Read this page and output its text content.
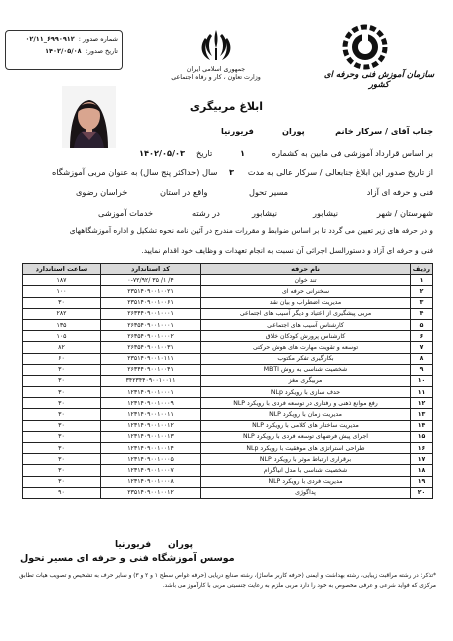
شماره صدور :
۰۲/۱۱_۶۹۹۰۹۱۲
تاریخ صدور:
۱۴۰۲/۰۵/۰۸
جمهوری اسلامی ایران
وزارت تعاون ، کار و رفاه اجتماعی	سازمان آموزش فنی وحرفه ای کشور
ابلاغ مربیگری
جناب آقای / سرکار خانم
پوران
فریورنیا
بر اساس قرارداد آموزشی فی مابین به کشماره
۱
تاریخ
۱۴۰۲/۰۵/۰۳
از تاریخ صدور این ابلاغ جنابعالی / سرکار عالی به مدت
۳
سال (حداکثر پنج سال) به عنوان مربی آموزشگاه
فنی و حرفه ای آزاد
مسیر تحول
واقع در استان
خراسان رضوی
شهرستان / شهر
نیشابور
نیشابور
در رشته
خدمات آموزشی
و در حرفه های زیر تعیین می گردد تا بر اساس ضوابط و مقررات مندرج در آئین نامه نحوه تشکیل و اداره آموزشگاههای
فنی و حرفه ای آزاد و دستورالسل اجرائی آن نسبت به انجام تعهدات و وظایف خود اقدام نمایید.
ردیف	نام حرفه	کد استاندارد	ساعت استاندارد
۱	تند خوان	۰-۷۲/۹۲/ ۳۵ /۱ /۴	۱۸۷
۲	سخنرانی حرفه ای	۲۳۵۱۴۰۹۰۰۱۰۰۲۱	۱۰۰
۳	مدیریت اضطراب و بیان نقد	۲۳۵۱۴۰۹۰۰۱۰۰۶۱	۳۰
۴	مربی پیشگیری از اعتیاد و دیگر آسیب های اجتماعی	۲۶۳۴۴۰۹۰۰۱۰۰۰۱	۲۸۲
۵	کارشناس آسیب های اجتماعی	۲۶۳۵۴۰۹۰۰۱۰۰۰۱	۱۳۵
۶	کارشناس پرورش کودکان خلاق	۲۶۳۵۴۰۹۰۰۱۰۰۰۲	۱۰۵
۷	توسعه و تقویت مهارت های هوش حرکتی	۲۶۳۵۴۰۹۰۰۱۰۰۳۱	۸۲
۸	بکارگیری تفکر مکتوب	۲۳۵۱۴۰۹۰۰۱۰۱۱۱	۶۰
۹	شخصیت شناسی به روش MBTI	۲۶۳۴۴۰۹۰۰۱۰۰۴۱	۳۰
۱۰	مربیگری مغز	۳۴۲۳۴۴۰۹۰۰۱۰۰۱۱	۳۰
۱۱	حدف سازی با رویکرد NLp	۱۲۳۱۴۰۹۰۰۱۰۰۰۱	۳۰
۱۲	رفع موانع ذهنی و رفتاری در توسعه فردی با رویکرد NLP	۱۲۳۱۴۰۹۰۰۱۰۰۰۹	۳۰
۱۳	مدیریت زمان با رویکرد NLP	۱۲۳۱۴۰۹۰۰۱۰۰۱۱	۳۰
۱۴	مدیریت ساختار های کلامی با رویکرد NLP	۱۲۳۱۴۰۹۰۰۱۰۰۱۲	۳۰
۱۵	اجرای پیش فرضهای توسعه فردی با رویکرد NLP	۱۲۳۱۴۰۹۰۰۱۰۰۱۳	۳۰
۱۶	طراحی استراتژی های موفقیت با رویکرد NLp	۱۲۳۱۴۰۹۰۰۱۰۰۱۴	۳۰
۱۷	برقراری ارتباط موثر با رویکرد NLP	۱۲۳۱۴۰۹۰۰۱۰۰۰۵	۳۰
۱۸	شخصیت شناسی با مدل انیاگرام	۱۲۳۱۴۰۹۰۰۱۰۰۰۷	۳۰
۱۹	مدیریت فردی با رویکرد NLP	۱۲۳۱۴۰۹۰۰۱۰۰۰۸	۳۰
۲۰	پداگوژی	۲۳۵۱۴۰۹۰۰۱۰۰۱۲	۹۰
پوران
فریورنیا
موسس آموزشگاه فنی و حرفه ای مسیر تحول
*تذکر: در رشته مراقبت زیبایی، رشته بهداشت و ایمنی (حرفه کاربر ماساژ)، رشته صنایع دریایی (حرفه غواص سطح ۱ و ۲ و ۳) و سایر حرف به تشخیص و تصویب هیات تطابق مرکزی که فواید شرعی و عرفی مخصوص به خود را دارد مربی ملزم به رعایت جنسیتی مربی با کارآموز می باشد.
